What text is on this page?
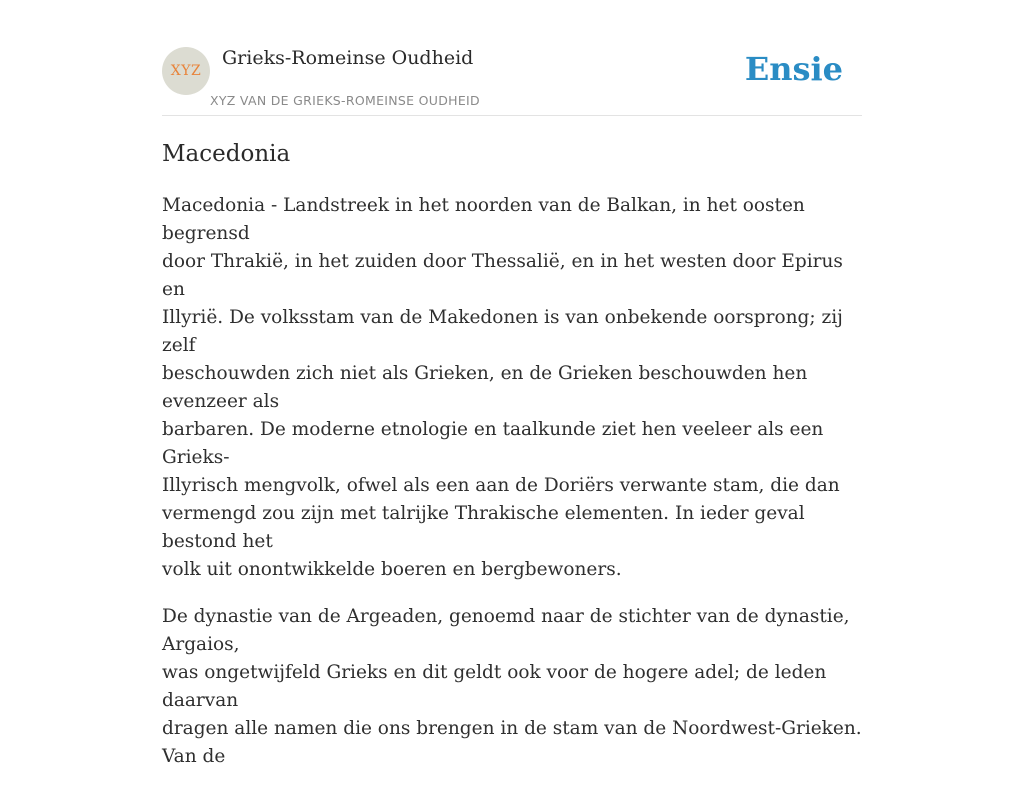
XYZ
Grieks-Romeinse Oudheid
XYZ VAN DE GRIEKS-ROMEINSE OUDHEID
Ensie
Macedonia

Macedonia - Landstreek in het noorden van de Balkan, in het oosten begrensd
door Thrakië, in het zuiden door Thessalië, en in het westen door Epirus en
Illyrië. De volksstam van de Makedonen is van onbekende oorsprong; zij zelf
beschouwden zich niet als Grieken, en de Grieken beschouwden hen evenzeer als
barbaren. De moderne etnologie en taalkunde ziet hen veeleer als een Grieks-
Illyrisch mengvolk, ofwel als een aan de Doriërs verwante stam, die dan
vermengd zou zijn met talrijke Thrakische elementen. In ieder geval bestond het
volk uit onontwikkelde boeren en bergbewoners.

De dynastie van de Argeaden, genoemd naar de stichter van de dynastie, Argaios,
was ongetwijfeld Grieks en dit geldt ook voor de hogere adel; de leden daarvan
dragen alle namen die ons brengen in de stam van de Noordwest-Grieken. Van de
